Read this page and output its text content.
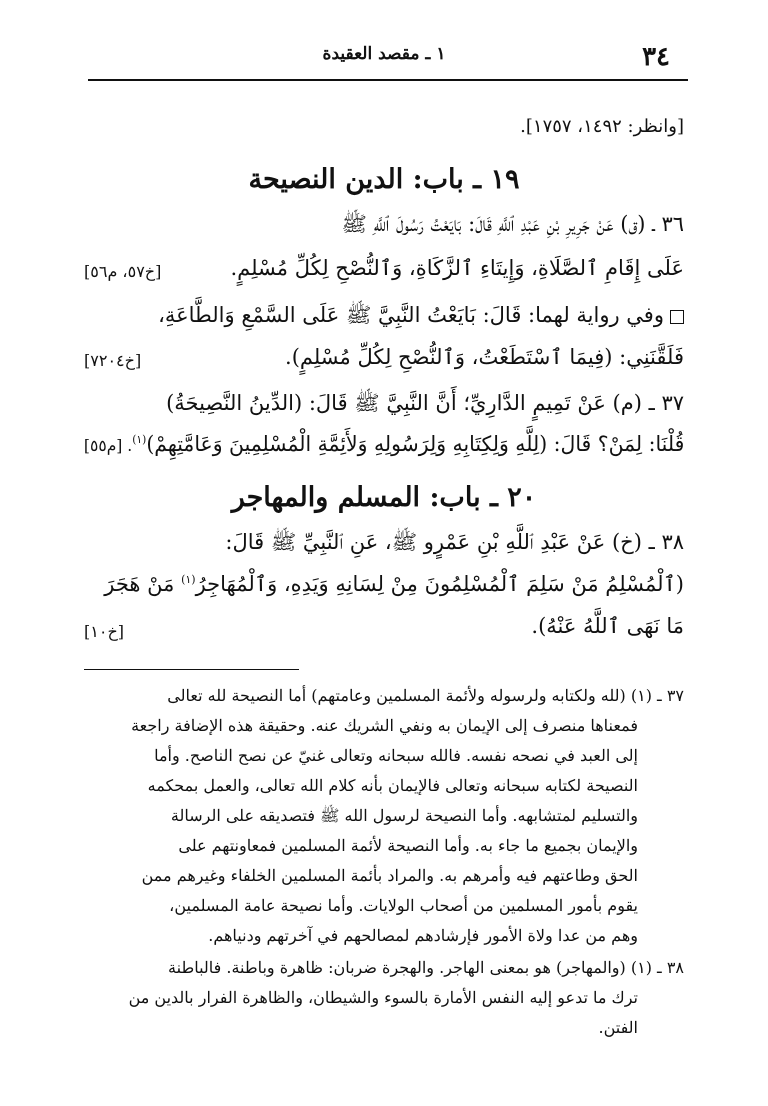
٣٤
١ ـ مقصد العقيدة
[وانظر: ١٤٩٢، ١٧٥٧].
١٩ ـ باب: الدين النصيحة
٣٦ ـ (ق) عَنْ جَرِيرِ بْنِ عَبْدِ ٱللَّهِ قَالَ: بَايَعْتُ رَسُولَ ٱللَّهِ ﷺ
عَلَى إِقَامِ ٱلصَّلَاةِ، وَإِيتَاءِ ٱلزَّكَاةِ، وَٱلنُّصْحِ لِكُلِّ مُسْلِمٍ.
[خ٥٧، م٥٦]
وفي رواية لهما: قَالَ: بَايَعْتُ النَّبِيَّ ﷺ عَلَى السَّمْعِ وَالطَّاعَةِ،
فَلَقَّنَنِي: (فِيمَا ٱسْتَطَعْتُ، وَٱلنُّصْحِ لِكُلِّ مُسْلِمٍ).
[خ٧٢٠٤]
٣٧ ـ (م) عَنْ تَمِيمٍ الدَّارِيِّ؛ أَنَّ النَّبِيَّ ﷺ قَالَ: (الدِّينُ النَّصِيحَةُ)
قُلْنَا: لِمَنْ؟ قَالَ: (لِلَّهِ وَلِكِتَابِهِ وَلِرَسُولِهِ وَلأَئِمَّةِ الْمُسْلِمِينَ وَعَامَّتِهِمْ)$^{(١)}$. [م٥٥]
٢٠ ـ باب: المسلم والمهاجر
٣٨ ـ (خ) عَنْ عَبْدِ ٱللَّهِ بْنِ عَمْرٍو ﷺ، عَنِ ٱلنَّبِيِّ ﷺ قَالَ:
(ٱلْمُسْلِمُ مَنْ سَلِمَ ٱلْمُسْلِمُونَ مِنْ لِسَانِهِ وَيَدِهِ، وَٱلْمُهَاجِرُ$^{(١)}$ مَنْ هَجَرَ
مَا نَهَى ٱللَّهُ عَنْهُ).
[خ١٠]
٣٧ ـ (١) (لله ولكتابه ولرسوله ولأئمة المسلمين وعامتهم) أما النصيحة لله تعالى
فمعناها منصرف إلى الإيمان به ونفي الشريك عنه. وحقيقة هذه الإضافة راجعة
إلى العبد في نصحه نفسه. فالله سبحانه وتعالى غنيّ عن نصح الناصح. وأما
النصيحة لكتابه سبحانه وتعالى فالإيمان بأنه كلام الله تعالى، والعمل بمحكمه
والتسليم لمتشابهه. وأما النصيحة لرسول الله ﷺ فتصديقه على الرسالة
والإيمان بجميع ما جاء به. وأما النصيحة لأئمة المسلمين فمعاونتهم على
الحق وطاعتهم فيه وأمرهم به. والمراد بأئمة المسلمين الخلفاء وغيرهم ممن
يقوم بأمور المسلمين من أصحاب الولايات. وأما نصيحة عامة المسلمين،
وهم من عدا ولاة الأمور فإرشادهم لمصالحهم في آخرتهم ودنياهم.
٣٨ ـ (١) (والمهاجر) هو بمعنى الهاجر. والهجرة ضربان: ظاهرة وباطنة. فالباطنة
ترك ما تدعو إليه النفس الأمارة بالسوء والشيطان، والظاهرة الفرار بالدين من
الفتن.
